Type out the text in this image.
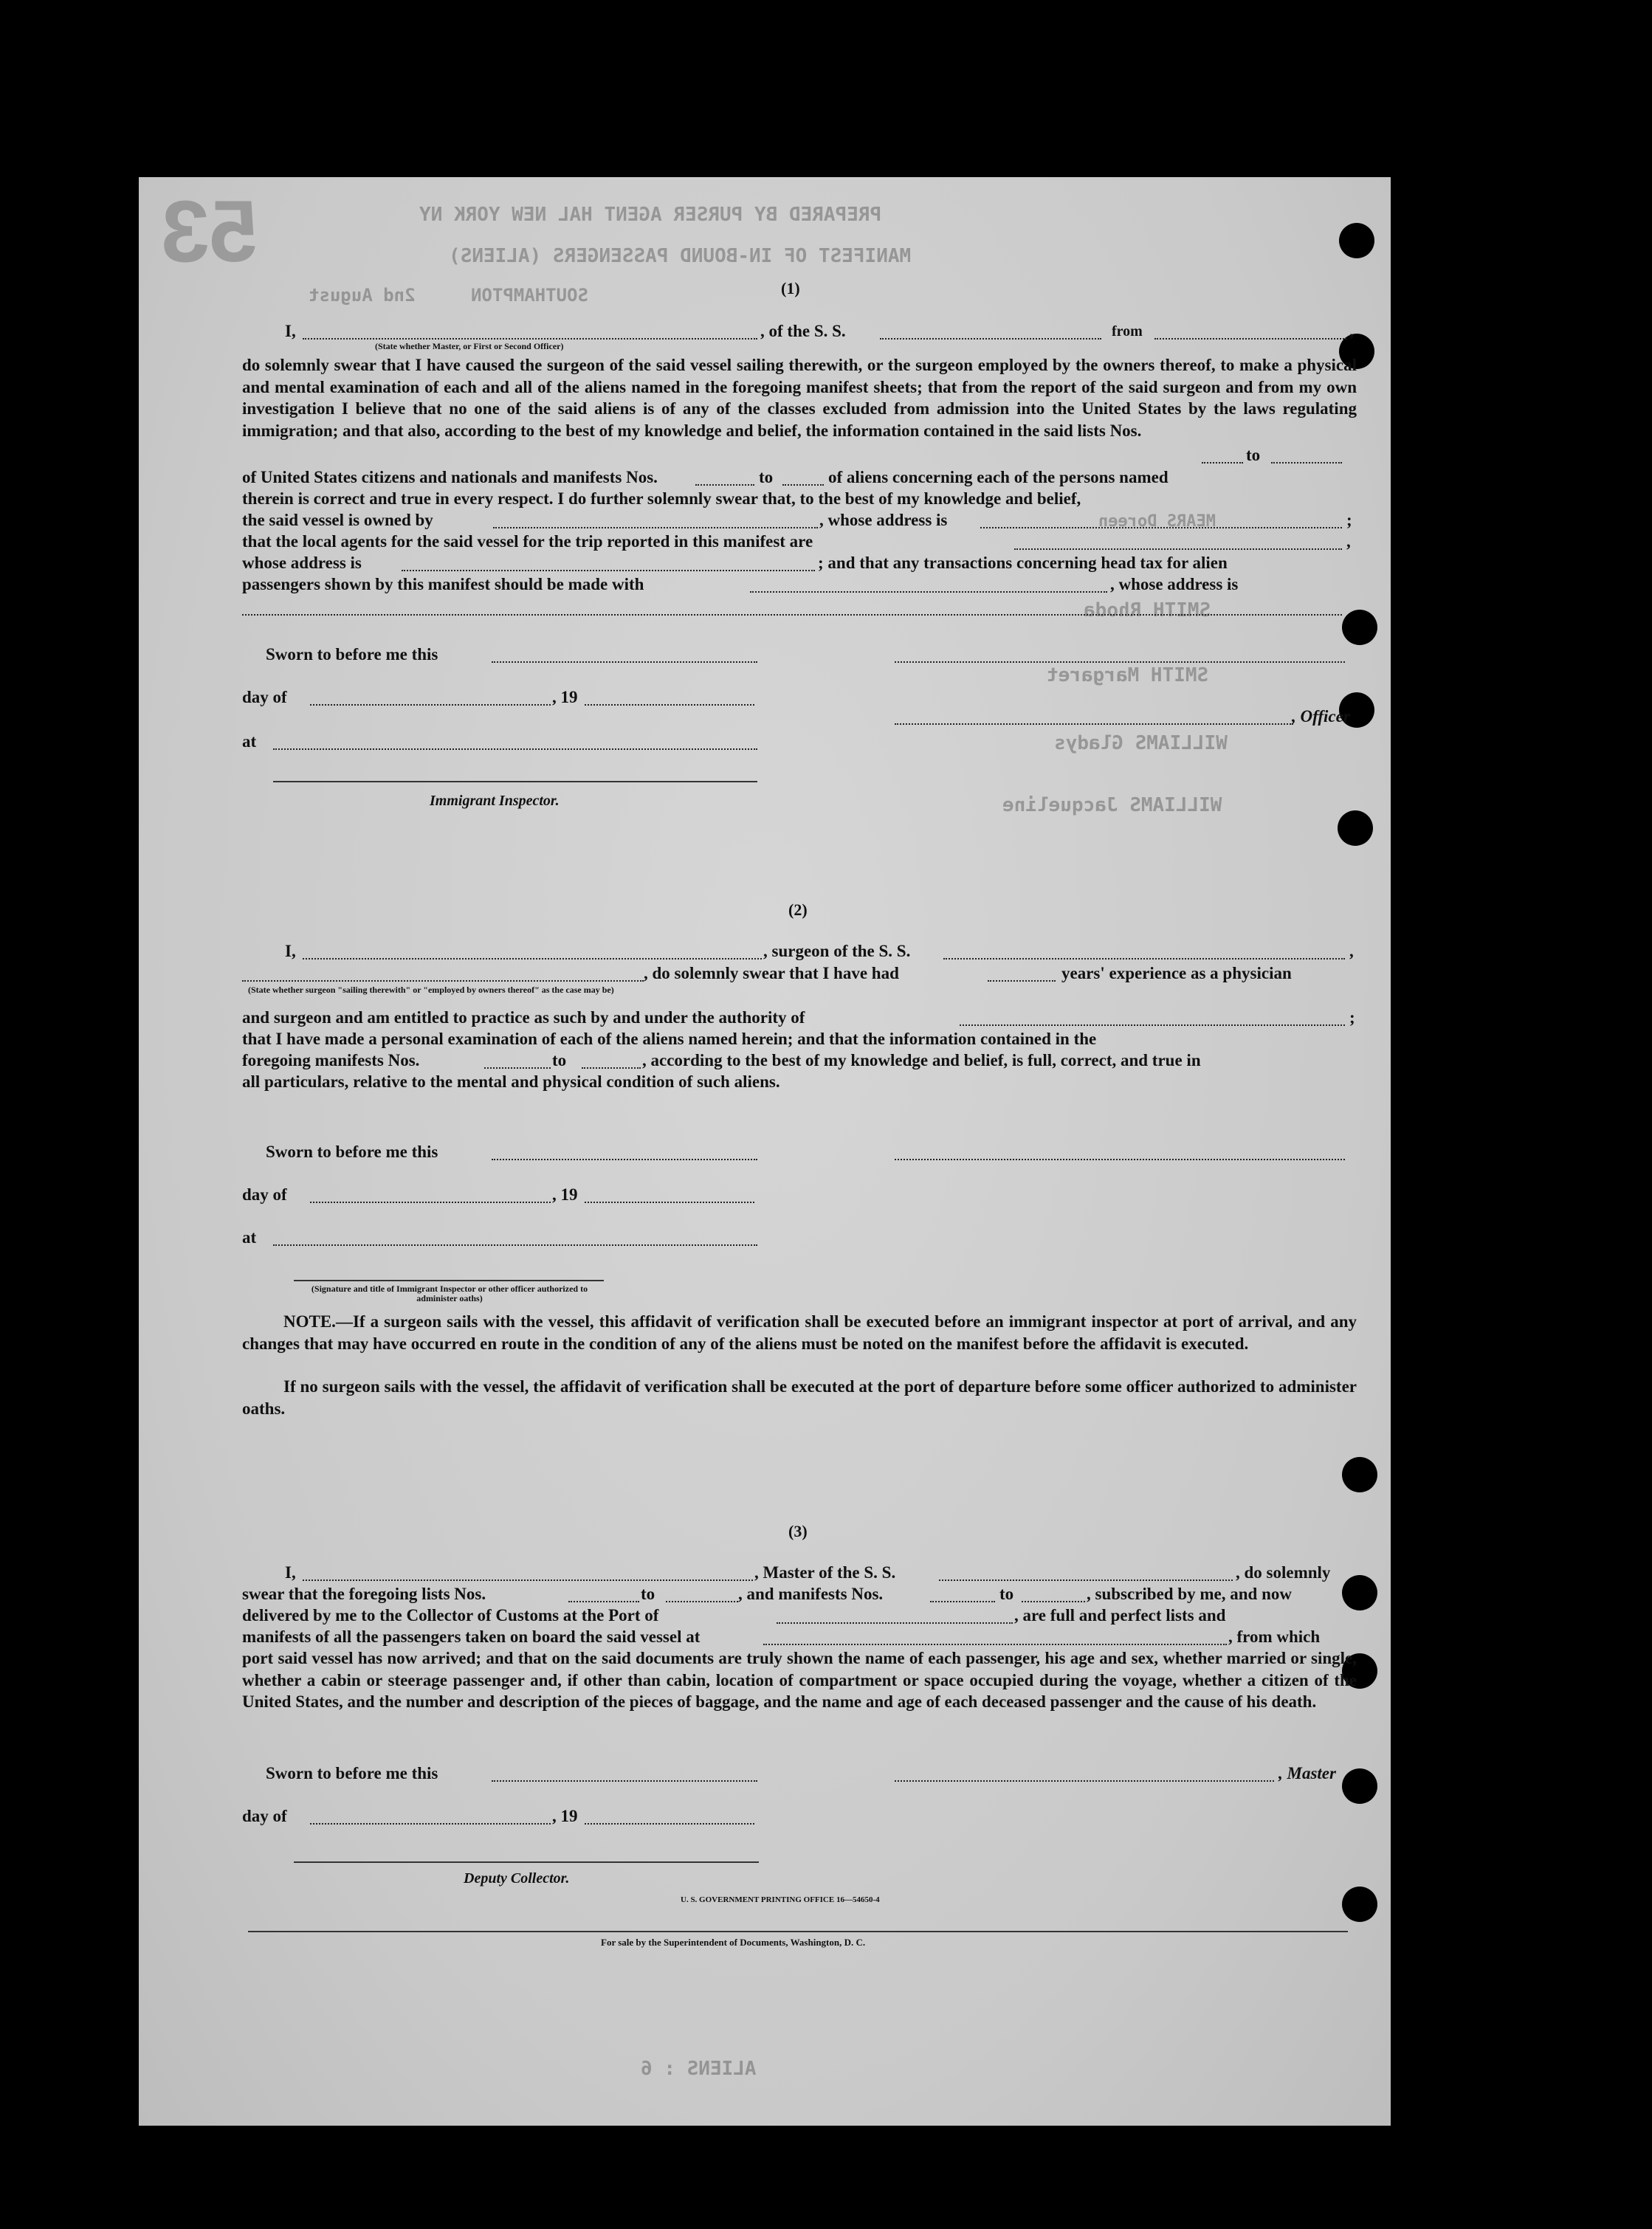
53	PREPARED BY PURSER AGENT HAL NEW YORK NY
MANIFEST OF IN-BOUND PASSENGERS (ALIENS)
SOUTHAMPTON
2nd August
SMITH Rhoda
SMITH Margaret
WILLIAMS Gladys
WILLIAMS Jacqueline
MEARS Doreen
ALIENS : 6
(1)
I,	, of the S. S.	from	,
(State whether Master, or First or Second Officer)
do solemnly swear that I have caused the surgeon of the said vessel sailing therewith, or the surgeon employed by the owners thereof, to make a physical and mental examination of each and all of the aliens named in the foregoing manifest sheets; that from the report of the said surgeon and from my own investigation I believe that no one of the said aliens is of any of the classes excluded from admission into the United States by the laws regulating immigration; and that also, according to the best of my knowledge and belief, the information contained in the said lists Nos.
to
of United States citizens and nationals and manifests Nos.	to	of aliens concerning each of the persons named
therein is correct and true in every respect. I do further solemnly swear that, to the best of my knowledge and belief,
the said vessel is owned by	, whose address is	;
that the local agents for the said vessel for the trip reported in this manifest are	,
whose address is	; and that any transactions concerning head tax for alien
passengers shown by this manifest should be made with	, whose address is
Sworn to before me this
day of	, 19
, Officer
at
Immigrant Inspector.
(2)
I,	, surgeon of the S. S.	,
, do solemnly swear that I have had	years' experience as a physician
(State whether surgeon "sailing therewith" or "employed by owners thereof" as the case may be)
and surgeon and am entitled to practice as such by and under the authority of	;
that I have made a personal examination of each of the aliens named herein; and that the information contained in the
foregoing manifests Nos.	to	, according to the best of my knowledge and belief, is full, correct, and true in
all particulars, relative to the mental and physical condition of such aliens.
Sworn to before me this
day of	, 19
at
(Signature and title of Immigrant Inspector or other officer authorized to administer oaths)
NOTE.—If a surgeon sails with the vessel, this affidavit of verification shall be executed before an immigrant inspector at port of arrival, and any changes that may have occurred en route in the condition of any of the aliens must be noted on the manifest before the affidavit is executed.
If no surgeon sails with the vessel, the affidavit of verification shall be executed at the port of departure before some officer authorized to administer oaths.
(3)
I,	, Master of the S. S.	, do solemnly
swear that the foregoing lists Nos.	to	, and manifests Nos.	to	, subscribed by me, and now
delivered by me to the Collector of Customs at the Port of	, are full and perfect lists and
manifests of all the passengers taken on board the said vessel at	, from which
port said vessel has now arrived; and that on the said documents are truly shown the name of each passenger, his age and sex, whether married or single, whether a cabin or steerage passenger and, if other than cabin, location of compartment or space occupied during the voyage, whether a citizen of the United States, and the number and description of the pieces of baggage, and the name and age of each deceased passenger and the cause of his death.
Sworn to before me this	, Master
day of	, 19
Deputy Collector.
U. S. GOVERNMENT PRINTING OFFICE 16—54650-4
For sale by the Superintendent of Documents, Washington, D. C.
